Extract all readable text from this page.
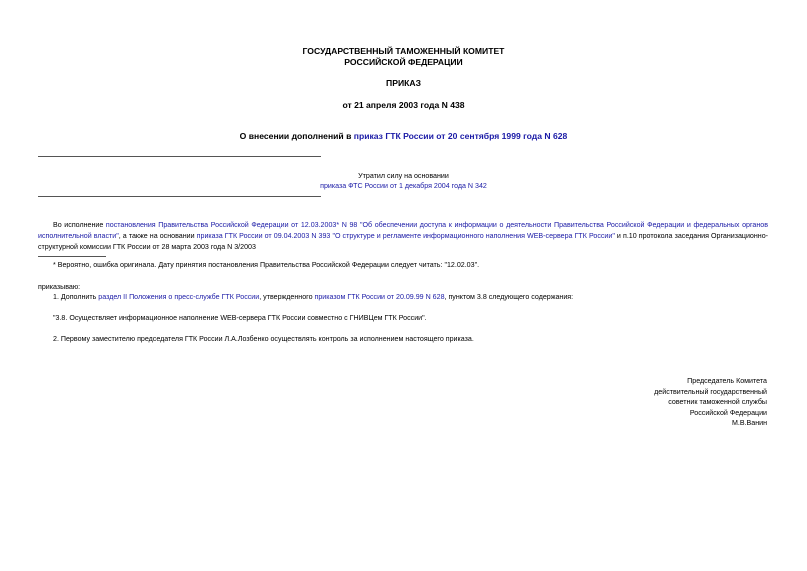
ГОСУДАРСТВЕННЫЙ ТАМОЖЕННЫЙ КОМИТЕТ
РОССИЙСКОЙ ФЕДЕРАЦИИ
ПРИКАЗ
от 21 апреля 2003 года N 438
О внесении дополнений в приказ ГТК России от 20 сентября 1999 года N 628
Утратил силу на основании
приказа ФТС России от 1 декабря 2004 года N 342
Во исполнение постановления Правительства Российской Федерации от 12.03.2003* N 98 "Об обеспечении доступа к информации о деятельности Правительства Российской Федерации и федеральных органов исполнительной власти", а также на основании приказа ГТК России от 09.04.2003 N 393 "О структуре и регламенте информационного наполнения WEB-сервера ГТК России" и п.10 протокола заседания Организационно-структурной комиссии ГТК России от 28 марта 2003 года N 3/2003
* Вероятно, ошибка оригинала. Дату принятия постановления Правительства Российской Федерации следует читать: "12.02.03".
приказываю:
1. Дополнить раздел II Положения о пресс-службе ГТК России, утвержденного приказом ГТК России от 20.09.99 N 628, пунктом 3.8 следующего содержания:
"3.8. Осуществляет информационное наполнение WEB-сервера ГТК России совместно с ГНИВЦем ГТК России".
2. Первому заместителю председателя ГТК России Л.А.Лозбенко осуществлять контроль за исполнением настоящего приказа.
Председатель Комитета
действительный государственный
советник таможенной службы
Российской Федерации
М.В.Ванин
